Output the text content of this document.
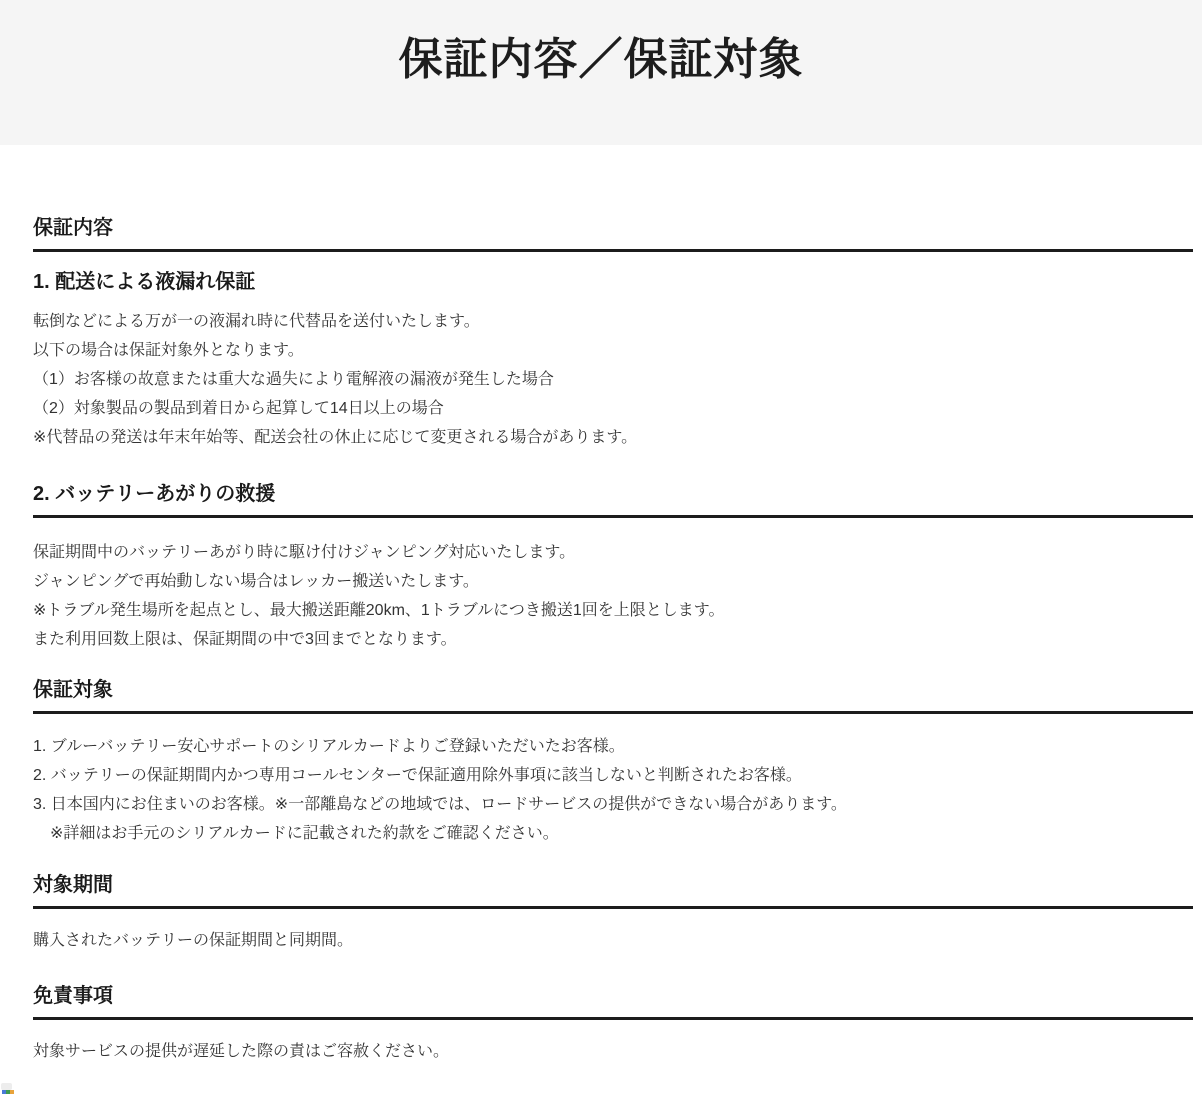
保証内容／保証対象
保証内容
1. 配送による液漏れ保証

転倒などによる万が一の液漏れ時に代替品を送付いたします。

以下の場合は保証対象外となります。

（1）お客様の故意または重大な過失により電解液の漏液が発生した場合

（2）対象製品の製品到着日から起算して14日以上の場合

※代替品の発送は年末年始等、配送会社の休止に応じて変更される場合があります。

2. バッテリーあがりの救援

保証期間中のバッテリーあがり時に駆け付けジャンピング対応いたします。

ジャンピングで再始動しない場合はレッカー搬送いたします。

※トラブル発生場所を起点とし、最大搬送距離20km、1トラブルにつき搬送1回を上限とします。

また利用回数上限は、保証期間の中で3回までとなります。

保証対象

1. ブルーバッテリー安心サポートのシリアルカードよりご登録いただいたお客様。

2. バッテリーの保証期間内かつ専用コールセンターで保証適用除外事項に該当しないと判断されたお客様。

3. 日本国内にお住まいのお客様。※一部離島などの地域では、ロードサービスの提供ができない場合があります。

※詳細はお手元のシリアルカードに記載された約款をご確認ください。

対象期間

購入されたバッテリーの保証期間と同期間。

免責事項

対象サービスの提供が遅延した際の責はご容赦ください。
